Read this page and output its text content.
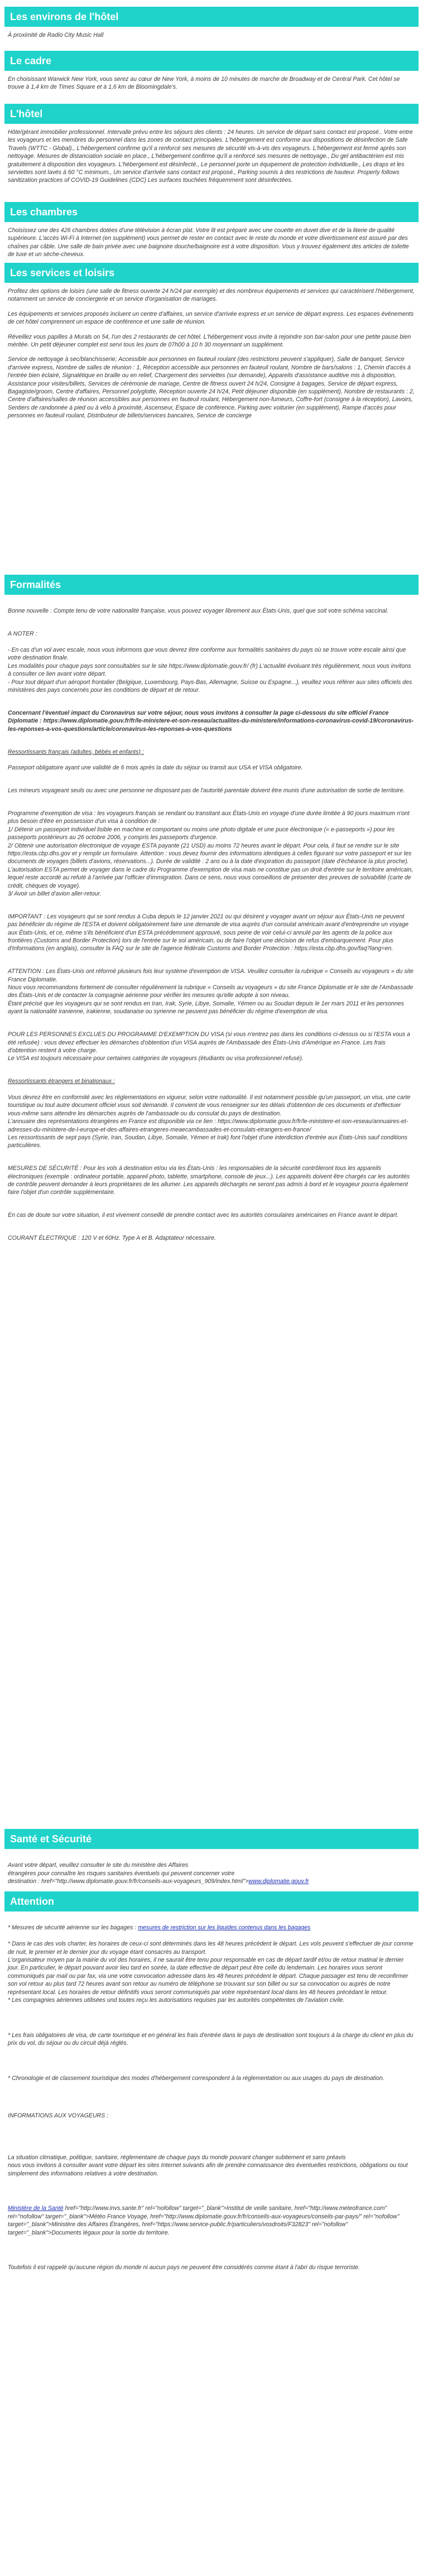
Les environs de l'hôtel

À proximité de Radio City Music Hall

Le cadre

En choisissant Warwick New York, vous serez au cœur de New York, à moins de 10 minutes de marche de Broadway et de Central Park. Cet hôtel se trouve à 1,4 km de Times Square et à 1,6 km de Bloomingdale's.

L'hôtel

Hôte/gérant immobilier professionnel. Intervalle prévu entre les séjours des clients : 24 heures. Un service de départ sans contact est proposé.. Votre entre les voyageurs et les membres du personnel dans les zones de contact principales. L'hébergement est conforme aux dispositions de désinfection de Safe Travels (WTTC - Global)., L'hébergement confirme qu'il a renforcé ses mesures de sécurité vis-à-vis des voyageurs. L'hébergement est fermé après son nettoyage. Mesures de distanciation sociale en place., L'hébergement confirme qu'il a renforcé ses mesures de nettoyage., Du gel antibactérien est mis gratuitement à disposition des voyageurs. L'hébergement est désinfecté., Le personnel porte un équipement de protection individuelle., Les draps et les serviettes sont lavés à 60 °C minimum., Un service d'arrivée sans contact est proposé., Parking soumis à des restrictions de hauteur. Property follows sanitization practices of COVID-19 Guidelines (CDC) Les surfaces touchées fréquemment sont désinfectées.

Les chambres

Choisissez une des 426 chambres dotées d'une télévision à écran plat. Votre lit est préparé avec une couette en duvet dive et de la literie de qualité supérieure. L'accès Wi-Fi à Internet (en supplément) vous permet de rester en contact avec le reste du monde et votre divertissement est assuré par des chaînes par câble. Une salle de bain privée avec une baignoire douche/baignoire est à votre disposition. Vous y trouvez également des articles de toilette de luxe et un sèche-cheveux.

Les services et loisirs

Profitez des options de loisirs (une salle de fitness ouverte 24 h/24 par exemple) et des nombreux équipements et services qui caractérisent l'hébergement, notamment un service de conciergerie et un service d'organisation de mariages.

Les équipements et services proposés incluent un centre d'affaires, un service d'arrivée express et un service de départ express. Les espaces événements de cet hôtel comprennent un espace de conférence et une salle de réunion.

Réveillez vous papilles à Murals on 54, l'un des 2 restaurants de cet hôtel. L'hébergement vous invite à rejoindre son bar-salon pour une petite pause bien méritée. Un petit déjeuner complet est servi tous les jours de 07h00 à 10 h 30 moyennant un supplément.

Service de nettoyage à sec/blanchisserie; Accessible aux personnes en fauteuil roulant (des restrictions peuvent s'appliquer), Salle de banquet, Service d'arrivée express, Nombre de salles de réunion : 1, Réception accessible aux personnes en fauteuil roulant, Nombre de bars/salons : 1, Chemin d'accès à l'entrée bien éclairé, Signalétique en braille ou en relief, Chargement des serviettes (sur demande), Appareils d'assistance auditive mis à disposition, Assistance pour visites/billets, Services de cérémonie de mariage, Centre de fitness ouvert 24 h/24, Consigne à bagages, Service de départ express, Bagagiste/groom, Centre d'affaires, Personnel polyglotte, Réception ouverte 24 h/24, Petit déjeuner disponible (en supplément), Nombre de restaurants : 2, Centre d'affaires/salles de réunion accessibles aux personnes en fauteuil roulant, Hébergement non-fumeurs, Coffre-fort (consigne à la réception), Lavoirs, Sentiers de randonnée à pied ou à vélo à proximité, Ascenseur, Espace de conférence, Parking avec voiturier (en supplément), Rampe d'accès pour personnes en fauteuil roulant, Distributeur de billets/services bancaires, Service de concierge

Formalités

Bonne nouvelle : Compte tenu de votre nationalité française, vous pouvez voyager librement aux États-Unis, quel que soit votre schéma vaccinal.

A NOTER :

- En cas d'un vol avec escale, nous vous informons que vous devrez être conforme aux formalités sanitaires du pays où se trouve votre escale ainsi que votre destination finale.
Les modalités pour chaque pays sont consultables sur le site https://www.diplomatie.gouv.fr/ (fr) L'actualité évoluant très régulièrement, nous vous invitons à consulter ce lien avant votre départ.
- Pour tout départ d'un aéroport frontalier (Belgique, Luxembourg, Pays-Bas, Allemagne, Suisse ou Espagne...), veuillez vous référer aux sites officiels des ministères des pays concernés pour les conditions de départ et de retour.

Concernant l'éventuel impact du Coronavirus sur votre séjour, nous vous invitons à consulter la page ci-dessous du site officiel France Diplomatie : https://www.diplomatie.gouv.fr/fr/le-ministere-et-son-reseau/actualites-du-ministere/informations-coronavirus-covid-19/coronavirus-les-reponses-a-vos-questions/article/coronavirus-les-reponses-a-vos-questions

Ressortissants français (adultes, bébés et enfants) :

Passeport obligatoire ayant une validité de 6 mois après la date du séjour ou transit aux USA et VISA obligatoire.

Les mineurs voyageant seuls ou avec une personne ne disposant pas de l'autorité parentale doivent être munis d'une autorisation de sortie de territoire.

Programme d'exemption de visa : les voyageurs français se rendant ou transitant aux États-Unis en voyage d'une durée limitée à 90 jours maximum n'ont plus besoin d'être en possession d'un visa à condition de :
1/ Détenir un passeport individuel lisible en machine et comportant ou moins une photo digitale et une puce électronique (« e-passeports ») pour les passeports postérieurs au 26 octobre 2006, y compris les passeports d'urgence.
2/ Obtenir une autorisation électronique de voyage ESTA payante (21 USD) au moins 72 heures avant le départ. Pour cela, il faut se rendre sur le site https://esta.cbp.dhs.gov et y remplir un formulaire. Attention : vous devez fournir des informations identiques à celles figurant sur votre passeport et sur les documents de voyages (billets d'avions, réservations...). Durée de validité : 2 ans ou à la date d'expiration du passeport (date d'échéance la plus proche). L'autorisation ESTA permet de voyager dans le cadre du Programme d'exemption de visa mais ne constitue pas un droit d'entrée sur le territoire américain, lequel reste accordé au refuté à l'arrivée par l'officier d'immigration. Dans ce sens, nous vous conseillons de présenter des preuves de solvabilité (carte de crédit, chèques de voyage).
3/ Avoir un billet d'avion aller-retour.

IMPORTANT : Les voyageurs qui se sont rendus à Cuba depuis le 12 janvier 2021 ou qui désirent y voyager avant un séjour aux États-Unis ne peuvent pas bénéficier du régime de l'ESTA et doivent obligatoirement faire une demande de visa auprès d'un consulat américain avant d'entreprendre un voyage aux États-Unis, et ce, même s'ils bénéficient d'un ESTA précédemment approuvé, sous peine de voir celui-ci annulé par les agents de la police aux frontières (Customs and Border Protection) lors de l'entrée sur le sol américain, ou de faire l'objet une décision de refus d'embarquement. Pour plus d'informations (en anglais), consulter la FAQ sur le site de l'agence fédérale Customs and Border Protection : https://esta.cbp.dhs.gov/faq?lang=en.

ATTENTION : Les États-Unis ont réformé plusieurs fois leur système d'exemption de VISA. Veuillez consulter la rubrique « Conseils au voyageurs » du site France Diplomatie.
Nous vous recommandons fortement de consulter régulièrement la rubrique « Conseils au voyageurs » du site France Diplomatie et le site de l'Ambassade des États-Unis et de contacter la compagnie aérienne pour vérifier les mesures qu'elle adopte à son niveau.
Étant précisé que les voyageurs qui se sont rendus en Iran, Irak, Syrie, Libye, Somalie, Yémen ou au Soudan depuis le 1er mars 2011 et les personnes ayant la nationalité iranienne, irakienne, soudanaise ou syrienne ne peuvent pas bénéficier du régime d'exemption de visa.

POUR LES PERSONNES EXCLUES DU PROGRAMME D'EXEMPTION DU VISA (si vous n'entrez pas dans les conditions ci-dessus ou si l'ESTA vous a été refusée) : vous devez effectuer les démarches d'obtention d'un VISA auprès de l'Ambassade des États-Unis d'Amérique en France. Les frais d'obtention restent à votre charge.
Le VISA est toujours nécessaire pour certaines catégories de voyageurs (étudiants ou visa professionnel refusé).

Ressortissants étrangers et binationaux :

Vous devrez être en conformité avec les réglementations en vigueur, selon votre nationalité. Il est notamment possible qu'un passeport, un visa, une carte touristique ou tout autre document officiel vous soit demandé. Il convient de vous renseigner sur les délais d'obtention de ces documents et d'effectuer vous-même sans attendre les démarches auprès de l'ambassade ou du consulat du pays de destination.
L'annuaire des représentations étrangères en France est disponible via ce lien : https://www.diplomatie.gouv.fr/fr/le-ministere-et-son-reseau/annuaires-et-adresses-du-ministere-de-l-europe-et-des-affaires-etrangeres-meaecambassades-et-consulats-etrangers-en-france/
Les ressortissants de sept pays (Syrie, Iran, Soudan, Libye, Somalie, Yémen et Irak) font l'objet d'une interdiction d'entrée aux États-Unis sauf conditions particulières.

MESURES DE SÉCURITÉ : Pour les vols à destination et/ou via les États-Unis : les responsables de la sécurité contrôleront tous les appareils électroniques (exemple : ordinateur portable, appareil photo, tablette, smartphone, console de jeux...). Les appareils doivent être chargés car les autorités de contrôle peuvent demander à leurs propriétaires de les allumer. Les appareils déchargés ne seront pas admis à bord et le voyageur pourra également faire l'objet d'un contrôle supplémentaire.

En cas de doute sur votre situation, il est vivement conseillé de prendre contact avec les autorités consulaires américaines en France avant le départ.

COURANT ÉLECTRIQUE : 120 V et 60Hz. Type A et B. Adaptateur nécessaire.

Santé et Sécurité

Avant votre départ, veuillez consulter le site du ministère des Affaires
étrangères pour connaître les risques sanitaires éventuels qui peuvent concerner votre
destination : href="http://www.diplomatie.gouv.fr/fr/conseils-aux-voyageurs_909/index.html">www.diplomatie.gouv.fr

Attention

* Mesures de sécurité aérienne sur les bagages : mesures de restriction sur les liquides contenus dans les bagages

* Dans le cas des vols charter, les horaires de ceux-ci sont déterminés dans les 48 heures précédent le départ. Les vols peuvent s'effectuer de jour comme de nuit, le premier et le dernier jour du voyage étant consacrés au transport.
L'organisateur moyen par la mairie du vol des horaires, il ne saurait être tenu pour responsable en cas de départ tardif et/ou de retour matinal le dernier jour. En particulier, le départ pouvant avoir lieu tard en soirée, la date effective de départ peut être celle du lendemain. Les horaires vous seront communiqués par mail ou par fax, via une votre convocation adressée dans les 48 heures précédent le départ. Chaque passager est tenu de reconfirmer son vol retour au plus tard 72 heures avant son retour au numéro de téléphone se trouvant sur son billet ou sur sa convocation ou auprès de notre représentant local. Les horaires de retour définitifs vous seront communiqués par votre représentant local dans les 48 heures précédant le retour.
* Les compagnies aériennes utilisées und toutes reçu les autorisations requises par les autorités compétentes de l'aviation civile.

* Les frais obligatoires de visa, de carte touristique et en général les frais d'entrée dans le pays de destination sont toujours à la charge du client en plus du prix du vol, du séjour ou du circuit déjà réglés.

* Chronologie et de classement touristique des modes d'hébergement correspondent à la réglementation ou aux usages du pays de destination.

INFORMATIONS AUX VOYAGEURS :

La situation climatique, politique, sanitaire, réglementaire de chaque pays du monde pouvant changer subitement et sans préavis
nous vous invitons à consulter avant votre départ les sites Internet suivants afin de prendre connaissance des éventuelles restrictions, obligations ou tout simplement des informations relatives à votre destination.

Ministère de la Santé href="http://www.invs.sante.fr" rel="nofollow" target="_blank">Institut de veille sanitaire, href="http://www.meteofrance.com" rel="nofollow" target="_blank">Météo France Voyage, href="http://www.diplomatie.gouv.fr/fr/conseils-aux-voyageurs/conseils-par-pays/" rel="nofollow" target="_blank">Ministère des Affaires Étrangères, href="https://www.service-public.fr/particuliers/vosdroits/F32823" rel="nofollow" target="_blank">Documents légaux pour la sortie du territoire.

Toutefois il est rappelé qu'aucune région du monde ni aucun pays ne peuvent être considérés comme étant à l'abri du risque terroriste.
